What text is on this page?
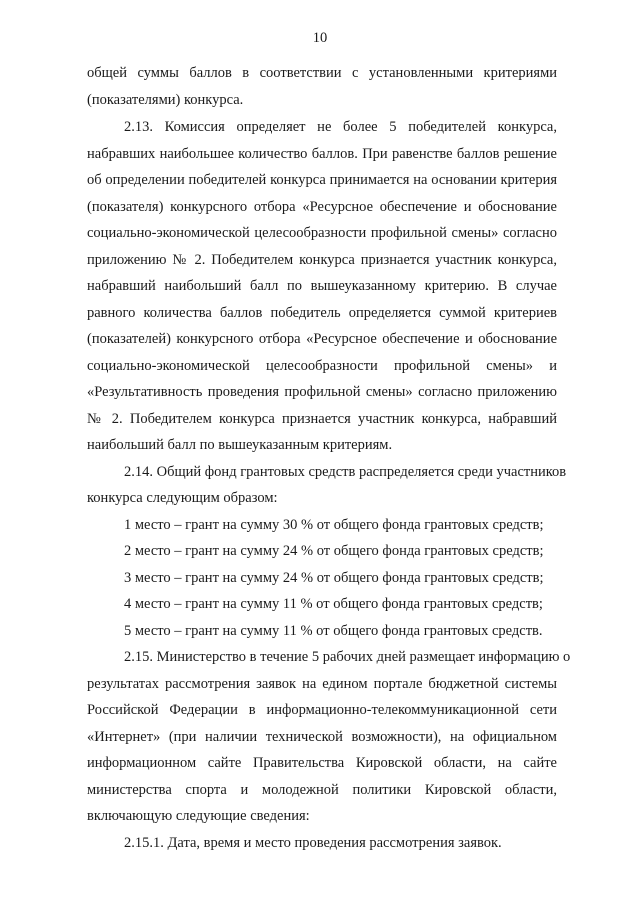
10
общей суммы баллов в соответствии с установленными критериями
(показателями) конкурса.
2.13. Комиссия определяет не более 5 победителей конкурса,
набравших наибольшее количество баллов. При равенстве баллов решение
об определении победителей конкурса принимается на основании критерия
(показателя) конкурсного отбора «Ресурсное обеспечение и обоснование
социально-экономической целесообразности профильной смены» согласно
приложению № 2. Победителем конкурса признается участник конкурса,
набравший наибольший балл по вышеуказанному критерию. В случае
равного количества баллов победитель определяется суммой критериев
(показателей) конкурсного отбора «Ресурсное обеспечение и обоснование
социально-экономической целесообразности профильной смены» и
«Результативность проведения профильной смены» согласно приложению
№ 2. Победителем конкурса признается участник конкурса, набравший
наибольший балл по вышеуказанным критериям.
2.14. Общий фонд грантовых средств распределяется среди участников
конкурса следующим образом:
1 место – грант на сумму 30 % от общего фонда грантовых средств;
2 место – грант на сумму 24 % от общего фонда грантовых средств;
3 место – грант на сумму 24 % от общего фонда грантовых средств;
4 место – грант на сумму 11 % от общего фонда грантовых средств;
5 место – грант на сумму 11 % от общего фонда грантовых средств.
2.15. Министерство в течение 5 рабочих дней размещает информацию о
результатах рассмотрения заявок на едином портале бюджетной системы
Российской Федерации в информационно-телекоммуникационной сети
«Интернет» (при наличии технической возможности), на официальном
информационном сайте Правительства Кировской области, на сайте
министерства спорта и молодежной политики Кировской области,
включающую следующие сведения:
2.15.1. Дата, время и место проведения рассмотрения заявок.
